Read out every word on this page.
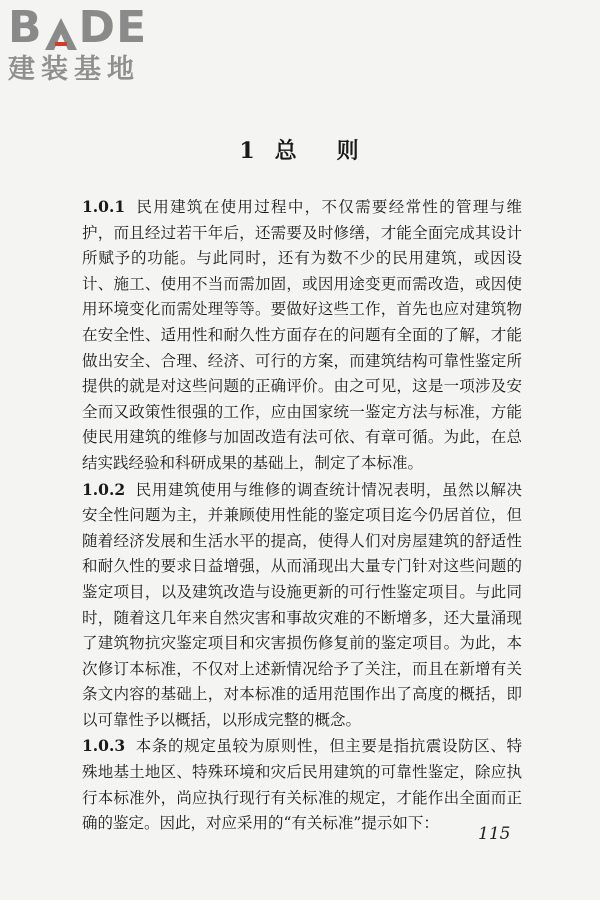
B DE
建装基地
1 总 则

1.0.1 民用建筑在使用过程中，不仅需要经常性的管理与维护，而且经过若干年后，还需要及时修缮，才能全面完成其设计所赋予的功能。与此同时，还有为数不少的民用建筑，或因设计、施工、使用不当而需加固，或因用途变更而需改造，或因使用环境变化而需处理等等。要做好这些工作，首先也应对建筑物在安全性、适用性和耐久性方面存在的问题有全面的了解，才能做出安全、合理、经济、可行的方案，而建筑结构可靠性鉴定所提供的就是对这些问题的正确评价。由之可见，这是一项涉及安全而又政策性很强的工作，应由国家统一鉴定方法与标准，方能使民用建筑的维修与加固改造有法可依、有章可循。为此，在总结实践经验和科研成果的基础上，制定了本标准。

1.0.2 民用建筑使用与维修的调查统计情况表明，虽然以解决安全性问题为主，并兼顾使用性能的鉴定项目迄今仍居首位，但随着经济发展和生活水平的提高，使得人们对房屋建筑的舒适性和耐久性的要求日益增强，从而涌现出大量专门针对这些问题的鉴定项目，以及建筑改造与设施更新的可行性鉴定项目。与此同时，随着这几年来自然灾害和事故灾难的不断增多，还大量涌现了建筑物抗灾鉴定项目和灾害损伤修复前的鉴定项目。为此，本次修订本标准，不仅对上述新情况给予了关注，而且在新增有关条文内容的基础上，对本标准的适用范围作出了高度的概括，即以可靠性予以概括，以形成完整的概念。

1.0.3 本条的规定虽较为原则性，但主要是指抗震设防区、特殊地基土地区、特殊环境和灾后民用建筑的可靠性鉴定，除应执行本标准外，尚应执行现行有关标准的规定，才能作出全面而正确的鉴定。因此，对应采用的“有关标准”提示如下：

115
